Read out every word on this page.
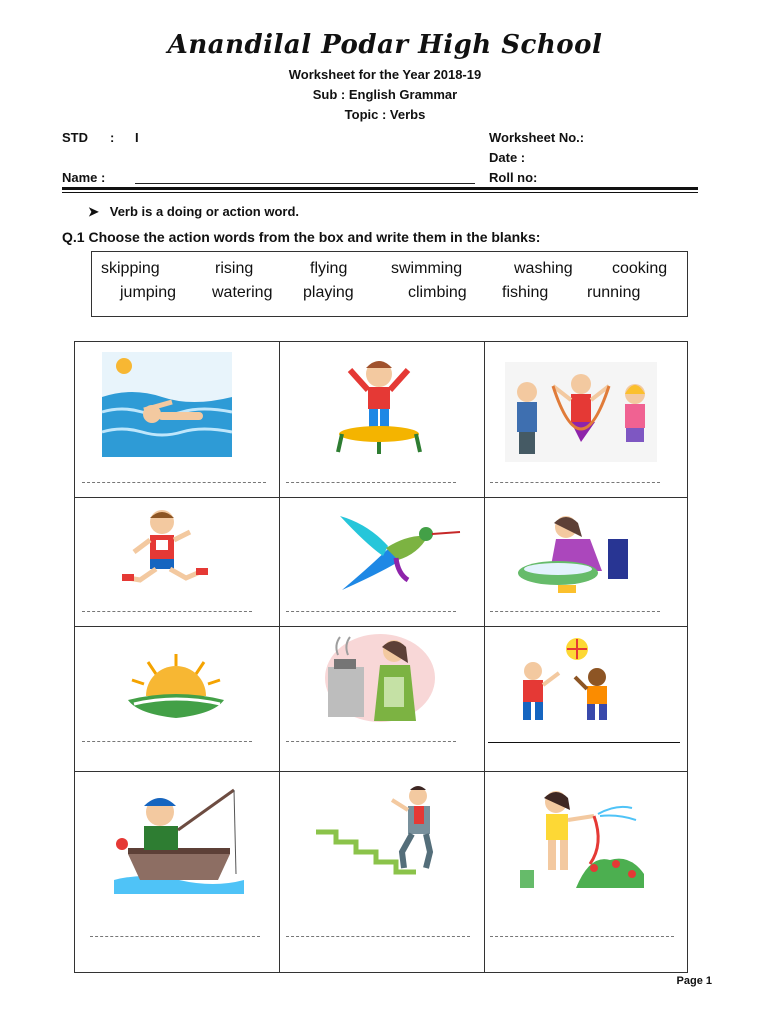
Anandilal Podar High School
Worksheet for the Year 2018-19
Sub : English Grammar
Topic : Verbs
STD : I
Name :
Worksheet No.:
Date :
Roll no:
➤ Verb is a doing or action word.
Q.1 Choose the action words from the box and write them in the blanks:
skipping	rising	flying	swimming	washing cooking
jumping watering playing	climbing fishing running
Page 1
